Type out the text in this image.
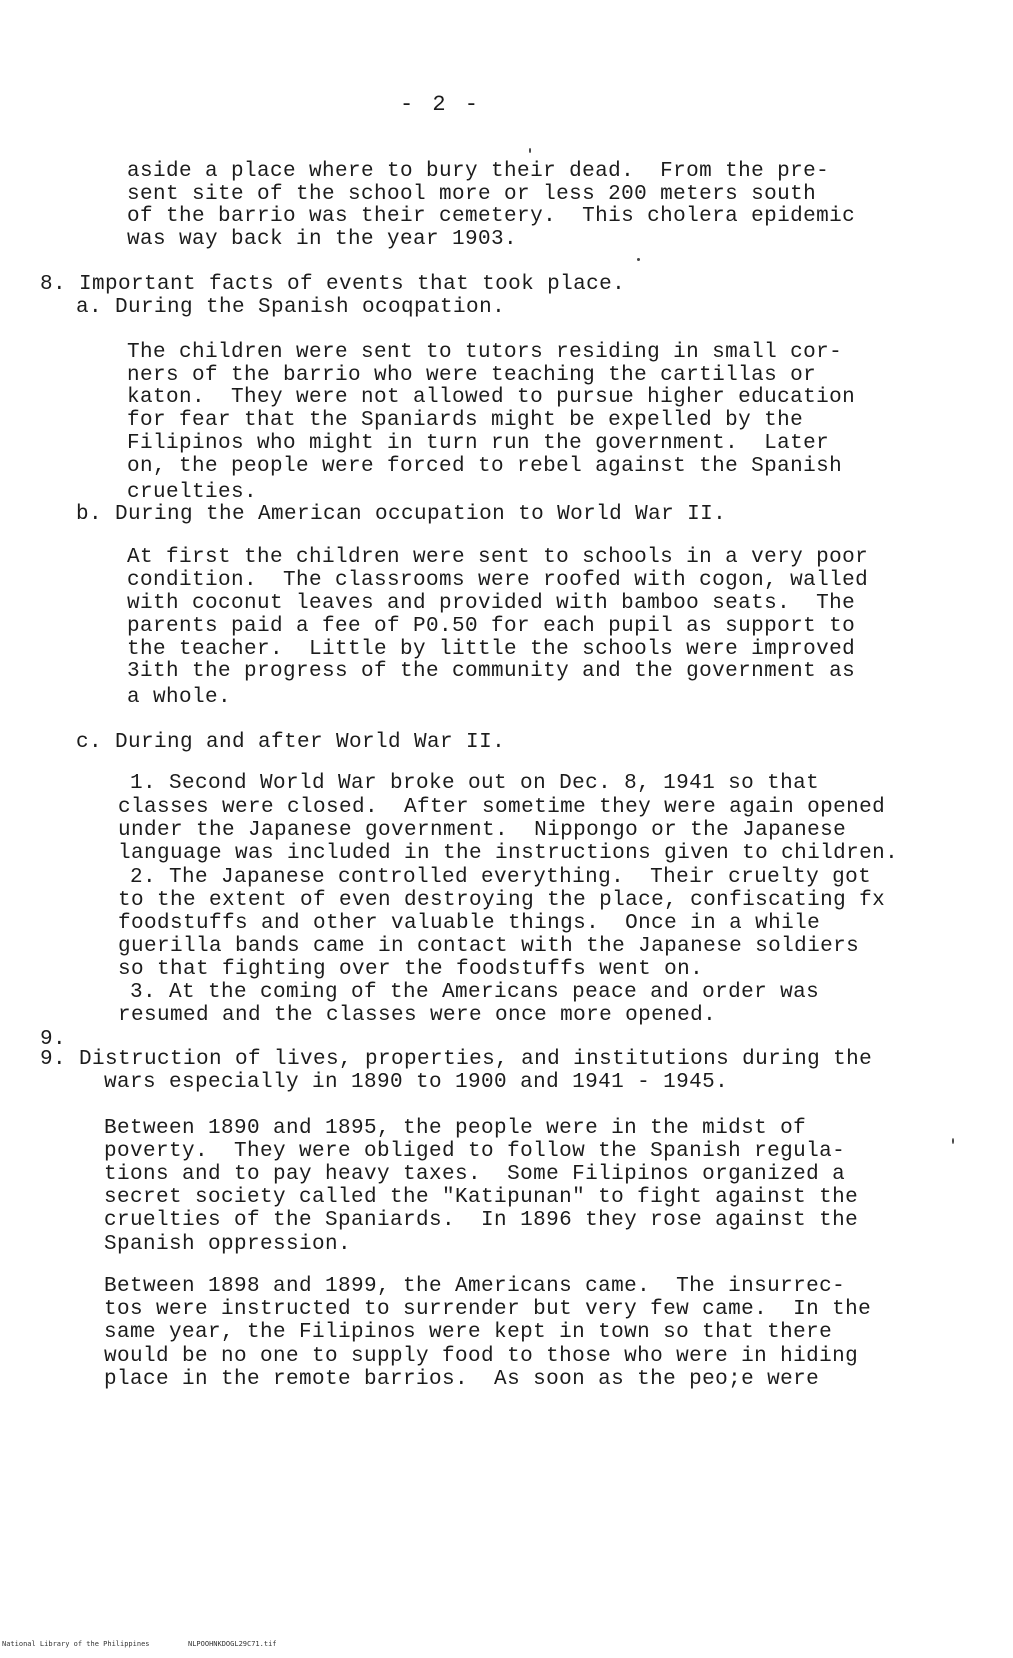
- 2 -
aside a place where to bury their dead.  From the pre-
sent site of the school more or less 200 meters south
of the barrio was their cemetery.  This cholera epidemic
was way back in the year 1903.
8. Important facts of events that took place.
a. During the Spanish ocoqpation.
The children were sent to tutors residing in small cor-
ners of the barrio who were teaching the cartillas or
katon.  They were not allowed to pursue higher education
for fear that the Spaniards might be expelled by the
Filipinos who might in turn run the government.  Later
on, the people were forced to rebel against the Spanish
cruelties.
b. During the American occupation to World War II.
At first the children were sent to schools in a very poor
condition.  The classrooms were roofed with cogon, walled
with coconut leaves and provided with bamboo seats.  The
parents paid a fee of P0.50 for each pupil as support to
the teacher.  Little by little the schools were improved
3ith the progress of the community and the government as
a whole.
c. During and after World War II.
1. Second World War broke out on Dec. 8, 1941 so that
classes were closed.  After sometime they were again opened
under the Japanese government.  Nippongo or the Japanese
language was included in the instructions given to children.
2. The Japanese controlled everything.  Their cruelty got
to the extent of even destroying the place, confiscating fx
foodstuffs and other valuable things.  Once in a while
guerilla bands came in contact with the Japanese soldiers
so that fighting over the foodstuffs went on.
3. At the coming of the Americans peace and order was
resumed and the classes were once more opened.
9.
9. Distruction of lives, properties, and institutions during the
wars especially in 1890 to 1900 and 1941 - 1945.
Between 1890 and 1895, the people were in the midst of
poverty.  They were obliged to follow the Spanish regula-
tions and to pay heavy taxes.  Some Filipinos organized a
secret society called the "Katipunan" to fight against the
cruelties of the Spaniards.  In 1896 they rose against the
Spanish oppression.
Between 1898 and 1899, the Americans came.  The insurrec-
tos were instructed to surrender but very few came.  In the
same year, the Filipinos were kept in town so that there
would be no one to supply food to those who were in hiding
place in the remote barrios.  As soon as the peo;e were
National Library of the Philippines	NLPOOHNKDOGL29C71.tif
